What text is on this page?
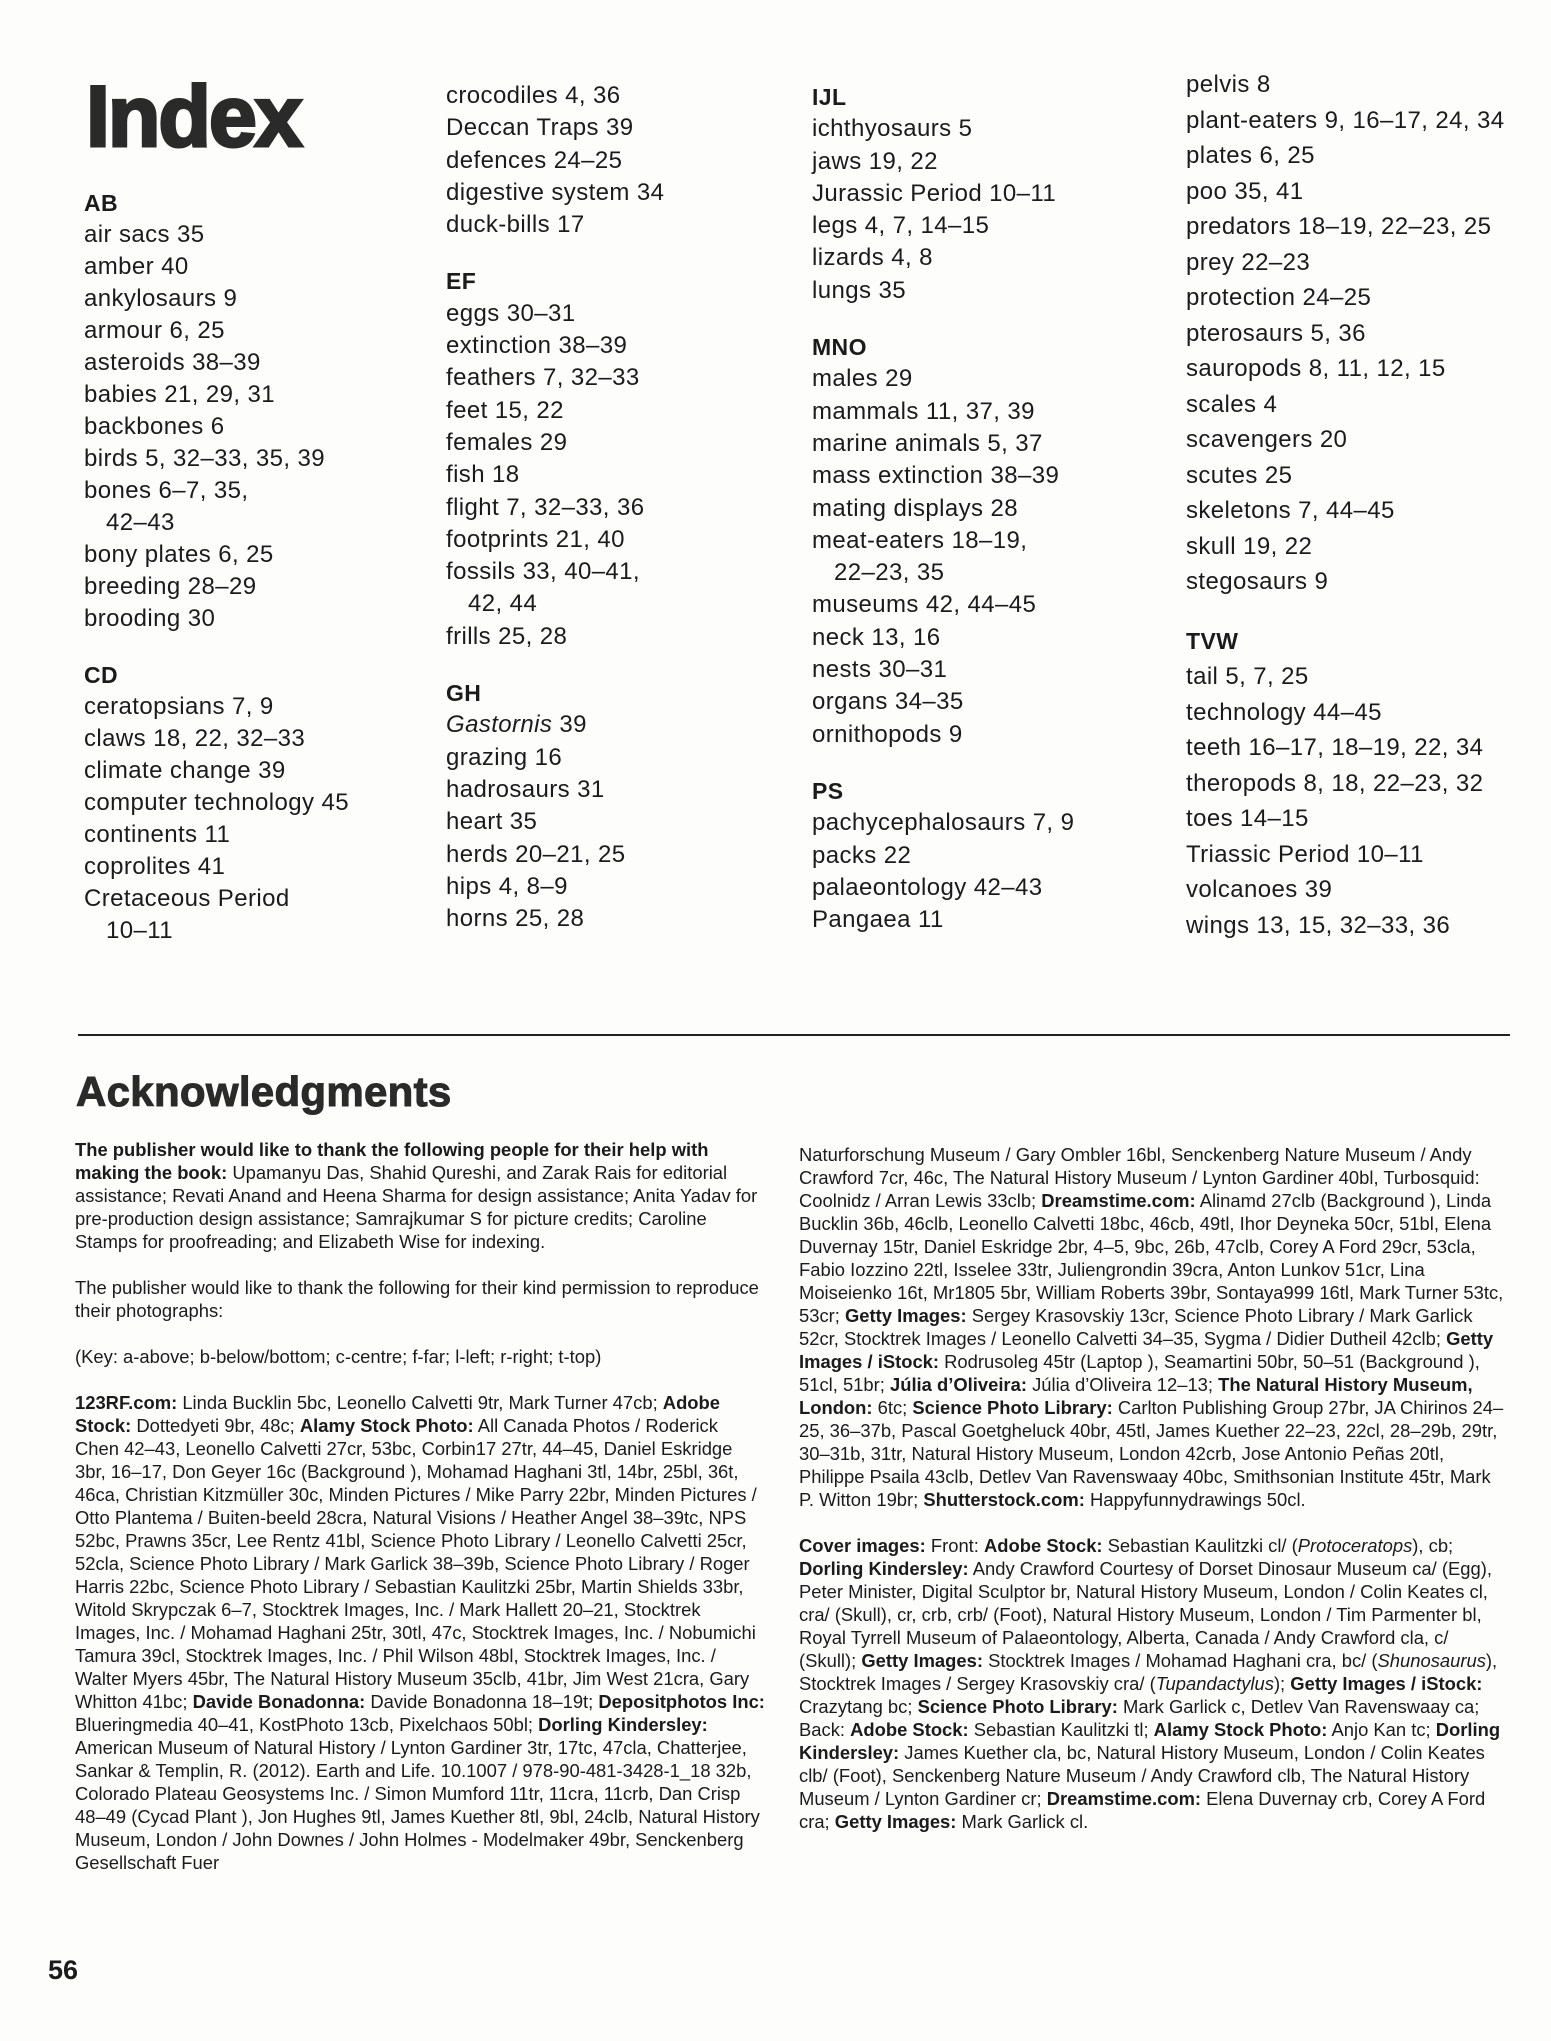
Index
AB
air sacs 35
amber 40
ankylosaurs 9
armour 6, 25
asteroids 38–39
babies 21, 29, 31
backbones 6
birds 5, 32–33, 35, 39
bones 6–7, 35,
42–43
bony plates 6, 25
breeding 28–29
brooding 30
CD
ceratopsians 7, 9
claws 18, 22, 32–33
climate change 39
computer technology 45
continents 11
coprolites 41
Cretaceous Period
10–11
crocodiles 4, 36
Deccan Traps 39
defences 24–25
digestive system 34
duck-bills 17
EF
eggs 30–31
extinction 38–39
feathers 7, 32–33
feet 15, 22
females 29
fish 18
flight 7, 32–33, 36
footprints 21, 40
fossils 33, 40–41,
42, 44
frills 25, 28
GH
Gastornis 39
grazing 16
hadrosaurs 31
heart 35
herds 20–21, 25
hips 4, 8–9
horns 25, 28
IJL
ichthyosaurs 5
jaws 19, 22
Jurassic Period 10–11
legs 4, 7, 14–15
lizards 4, 8
lungs 35
MNO
males 29
mammals 11, 37, 39
marine animals 5, 37
mass extinction 38–39
mating displays 28
meat-eaters 18–19,
22–23, 35
museums 42, 44–45
neck 13, 16
nests 30–31
organs 34–35
ornithopods 9
PS
pachycephalosaurs 7, 9
packs 22
palaeontology 42–43
Pangaea 11
pelvis 8
plant-eaters 9, 16–17, 24, 34
plates 6, 25
poo 35, 41
predators 18–19, 22–23, 25
prey 22–23
protection 24–25
pterosaurs 5, 36
sauropods 8, 11, 12, 15
scales 4
scavengers 20
scutes 25
skeletons 7, 44–45
skull 19, 22
stegosaurs 9
TVW
tail 5, 7, 25
technology 44–45
teeth 16–17, 18–19, 22, 34
theropods 8, 18, 22–23, 32
toes 14–15
Triassic Period 10–11
volcanoes 39
wings 13, 15, 32–33, 36
Acknowledgments

The publisher would like to thank the following people for their help with making the book: Upamanyu Das, Shahid Qureshi, and Zarak Rais for editorial assistance; Revati Anand and Heena Sharma for design assistance; Anita Yadav for pre-production design assistance; Samrajkumar S for picture credits; Caroline Stamps for proofreading; and Elizabeth Wise for indexing.

The publisher would like to thank the following for their kind permission to reproduce their photographs:

(Key: a-above; b-below/bottom; c-centre; f-far; l-left; r-right; t-top)

123RF.com: Linda Bucklin 5bc, Leonello Calvetti 9tr, Mark Turner 47cb; Adobe Stock: Dottedyeti 9br, 48c; Alamy Stock Photo: All Canada Photos / Roderick Chen 42–43, Leonello Calvetti 27cr, 53bc, Corbin17 27tr, 44–45, Daniel Eskridge 3br, 16–17, Don Geyer 16c (Background ), Mohamad Haghani 3tl, 14br, 25bl, 36t, 46ca, Christian Kitzmüller 30c, Minden Pictures / Mike Parry 22br, Minden Pictures / Otto Plantema / Buiten-beeld 28cra, Natural Visions / Heather Angel 38–39tc, NPS 52bc, Prawns 35cr, Lee Rentz 41bl, Science Photo Library / Leonello Calvetti 25cr, 52cla, Science Photo Library / Mark Garlick 38–39b, Science Photo Library / Roger Harris 22bc, Science Photo Library / Sebastian Kaulitzki 25br, Martin Shields 33br, Witold Skrypczak 6–7, Stocktrek Images, Inc. / Mark Hallett 20–21, Stocktrek Images, Inc. / Mohamad Haghani 25tr, 30tl, 47c, Stocktrek Images, Inc. / Nobumichi Tamura 39cl, Stocktrek Images, Inc. / Phil Wilson 48bl, Stocktrek Images, Inc. / Walter Myers 45br, The Natural History Museum 35clb, 41br, Jim West 21cra, Gary Whitton 41bc; Davide Bonadonna: Davide Bonadonna 18–19t; Depositphotos Inc: Blueringmedia 40–41, KostPhoto 13cb, Pixelchaos 50bl; Dorling Kindersley: American Museum of Natural History / Lynton Gardiner 3tr, 17tc, 47cla, Chatterjee, Sankar & Templin, R. (2012). Earth and Life. 10.1007 / 978-90-481-3428-1_18 32b, Colorado Plateau Geosystems Inc. / Simon Mumford 11tr, 11cra, 11crb, Dan Crisp 48–49 (Cycad Plant ), Jon Hughes 9tl, James Kuether 8tl, 9bl, 24clb, Natural History Museum, London / John Downes / John Holmes - Modelmaker 49br, Senckenberg Gesellschaft Fuer

Naturforschung Museum / Gary Ombler 16bl, Senckenberg Nature Museum / Andy Crawford 7cr, 46c, The Natural History Museum / Lynton Gardiner 40bl, Turbosquid: Coolnidz / Arran Lewis 33clb; Dreamstime.com: Alinamd 27clb (Background ), Linda Bucklin 36b, 46clb, Leonello Calvetti 18bc, 46cb, 49tl, Ihor Deyneka 50cr, 51bl, Elena Duvernay 15tr, Daniel Eskridge 2br, 4–5, 9bc, 26b, 47clb, Corey A Ford 29cr, 53cla, Fabio Iozzino 22tl, Isselee 33tr, Juliengrondin 39cra, Anton Lunkov 51cr, Lina Moiseienko 16t, Mr1805 5br, William Roberts 39br, Sontaya999 16tl, Mark Turner 53tc, 53cr; Getty Images: Sergey Krasovskiy 13cr, Science Photo Library / Mark Garlick 52cr, Stocktrek Images / Leonello Calvetti 34–35, Sygma / Didier Dutheil 42clb; Getty Images / iStock: Rodrusoleg 45tr (Laptop ), Seamartini 50br, 50–51 (Background ), 51cl, 51br; Júlia d’Oliveira: Júlia d’Oliveira 12–13; The Natural History Museum, London: 6tc; Science Photo Library: Carlton Publishing Group 27br, JA Chirinos 24–25, 36–37b, Pascal Goetgheluck 40br, 45tl, James Kuether 22–23, 22cl, 28–29b, 29tr, 30–31b, 31tr, Natural History Museum, London 42crb, Jose Antonio Peñas 20tl, Philippe Psaila 43clb, Detlev Van Ravenswaay 40bc, Smithsonian Institute 45tr, Mark P. Witton 19br; Shutterstock.com: Happyfunnydrawings 50cl.

Cover images: Front: Adobe Stock: Sebastian Kaulitzki cl/ (Protoceratops), cb; Dorling Kindersley: Andy Crawford Courtesy of Dorset Dinosaur Museum ca/ (Egg), Peter Minister, Digital Sculptor br, Natural History Museum, London / Colin Keates cl, cra/ (Skull), cr, crb, crb/ (Foot), Natural History Museum, London / Tim Parmenter bl, Royal Tyrrell Museum of Palaeontology, Alberta, Canada / Andy Crawford cla, c/ (Skull); Getty Images: Stocktrek Images / Mohamad Haghani cra, bc/ (Shunosaurus), Stocktrek Images / Sergey Krasovskiy cra/ (Tupandactylus); Getty Images / iStock: Crazytang bc; Science Photo Library: Mark Garlick c, Detlev Van Ravenswaay ca; Back: Adobe Stock: Sebastian Kaulitzki tl; Alamy Stock Photo: Anjo Kan tc; Dorling Kindersley: James Kuether cla, bc, Natural History Museum, London / Colin Keates clb/ (Foot), Senckenberg Nature Museum / Andy Crawford clb, The Natural History Museum / Lynton Gardiner cr; Dreamstime.com: Elena Duvernay crb, Corey A Ford cra; Getty Images: Mark Garlick cl.

56
